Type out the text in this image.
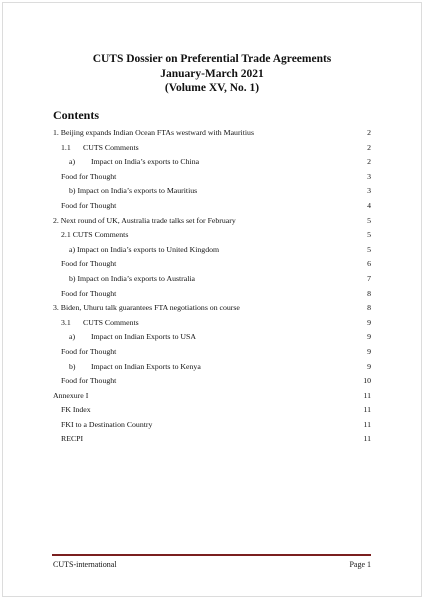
CUTS Dossier on Preferential Trade Agreements
January-March 2021
(Volume XV, No. 1)
Contents
1. Beijing expands Indian Ocean FTAs westward with Mauritius	2
1.1 CUTS Comments	2
a) Impact on India’s exports to China	2
Food for Thought	3
b) Impact on India’s exports to Mauritius	3
Food for Thought	4
2. Next round of UK, Australia trade talks set for February	5
2.1 CUTS Comments	5
a) Impact on India’s exports to United Kingdom	5
Food for Thought	6
b) Impact on India’s exports to Australia	7
Food for Thought	8
3. Biden, Uhuru talk guarantees FTA negotiations on course	8
3.1 CUTS Comments	9
a) Impact on Indian Exports to USA	9
Food for Thought	9
b) Impact on Indian Exports to Kenya	9
Food for Thought	10
Annexure I	11
FK Index	11
FKI to a Destination Country	11
RECPI	11
CUTS-international	Page 1
